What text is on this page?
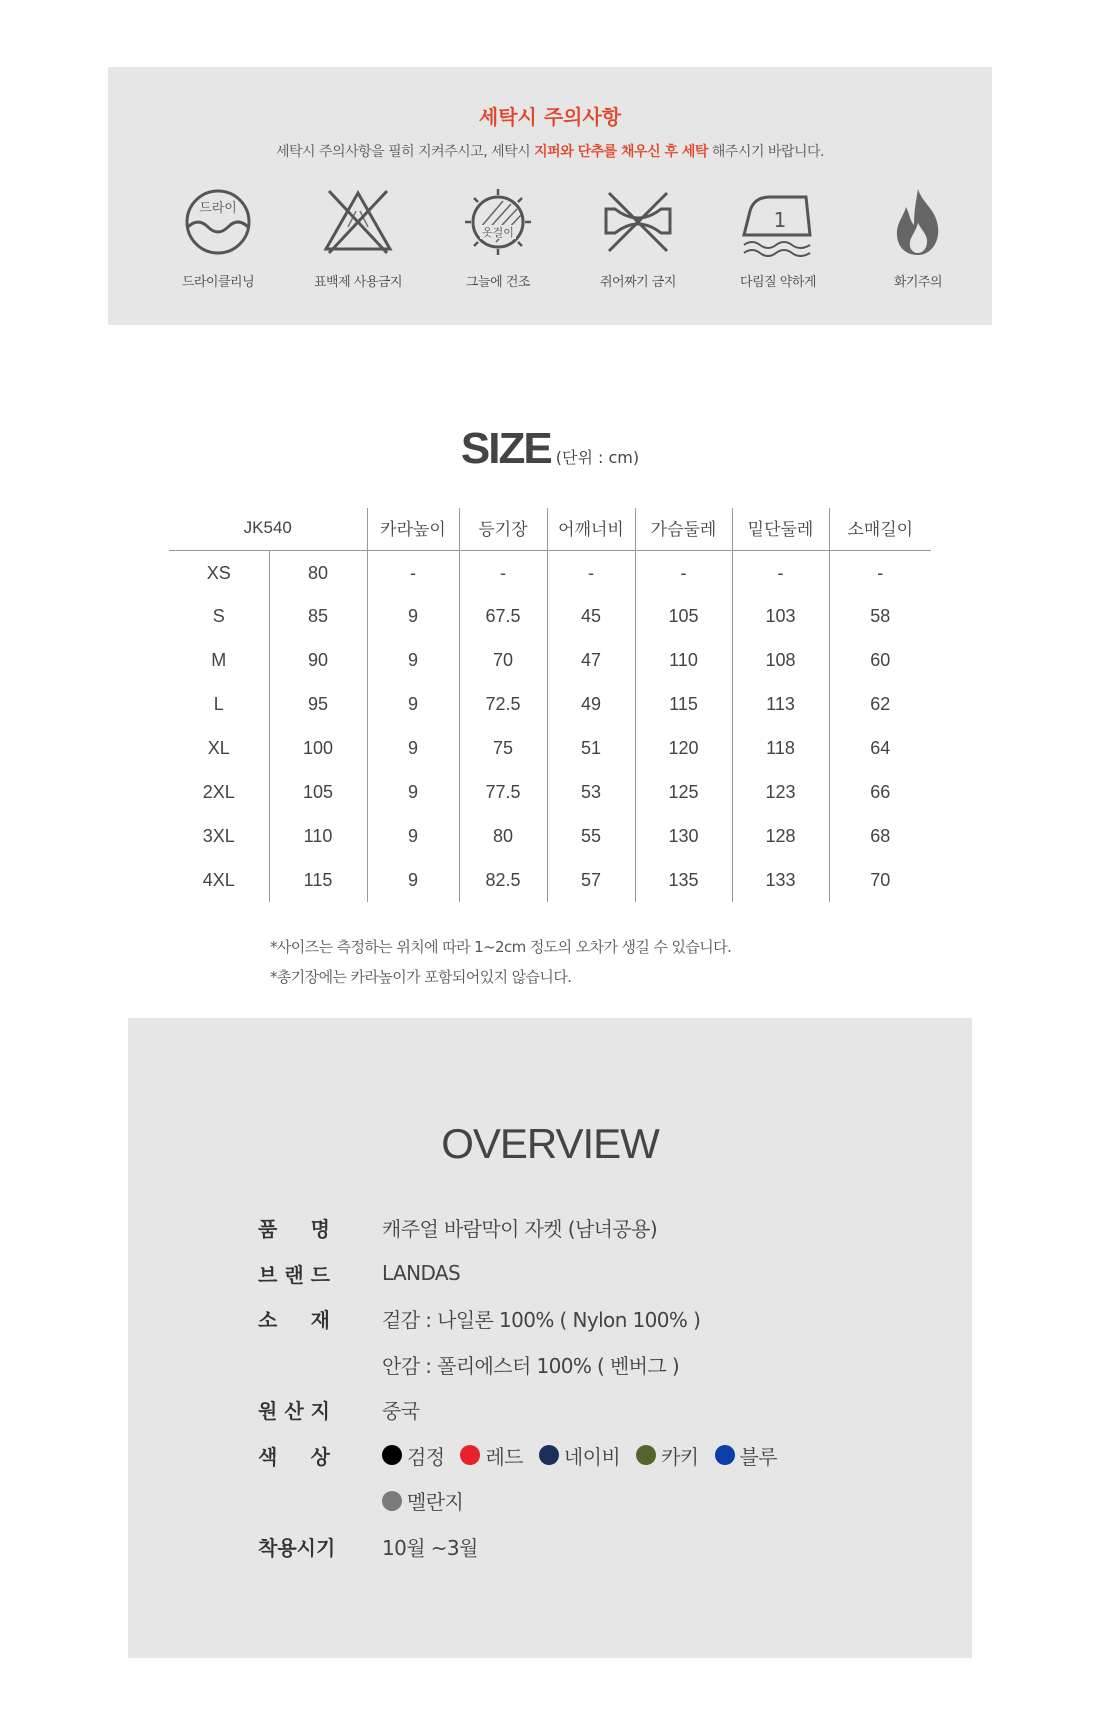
세탁시 주의사항
세탁시 주의사항을 필히 지켜주시고, 세탁시 지퍼와 단추를 채우신 후 세탁 해주시기 바랍니다.
드라이
드라이클리닝	표백제 사용금지
옷걸이
그늘에 건조	쥐어짜기 금지
1
다림질 약하게	화기주의
SIZE (단위 : cm)
JK540		카라높이	등기장	어깨너비	가슴둘레	밑단둘레	소매길이
XS	80	-	-	-	-	-	-
S	85	9	67.5	45	105	103	58
M	90	9	70	47	110	108	60
L	95	9	72.5	49	115	113	62
XL	100	9	75	51	120	118	64
2XL	105	9	77.5	53	125	123	66
3XL	110	9	80	55	130	128	68
4XL	115	9	82.5	57	135	133	70
*사이즈는 측정하는 위치에 따라 1~2cm 정도의 오차가 생길 수 있습니다.
*총기장에는 카라높이가 포함되어있지 않습니다.
OVERVIEW
품 명	캐주얼 바람막이 자켓 (남녀공용)
브 랜 드	LANDAS
소 재	겉감 : 나일론 100% ( Nylon 100% )
안감 : 폴리에스터 100% ( 벤버그 )
원 산 지	중국
색 상	검정 레드 네이비 카키 블루
멜란지
착용시기	10월 ~3월
